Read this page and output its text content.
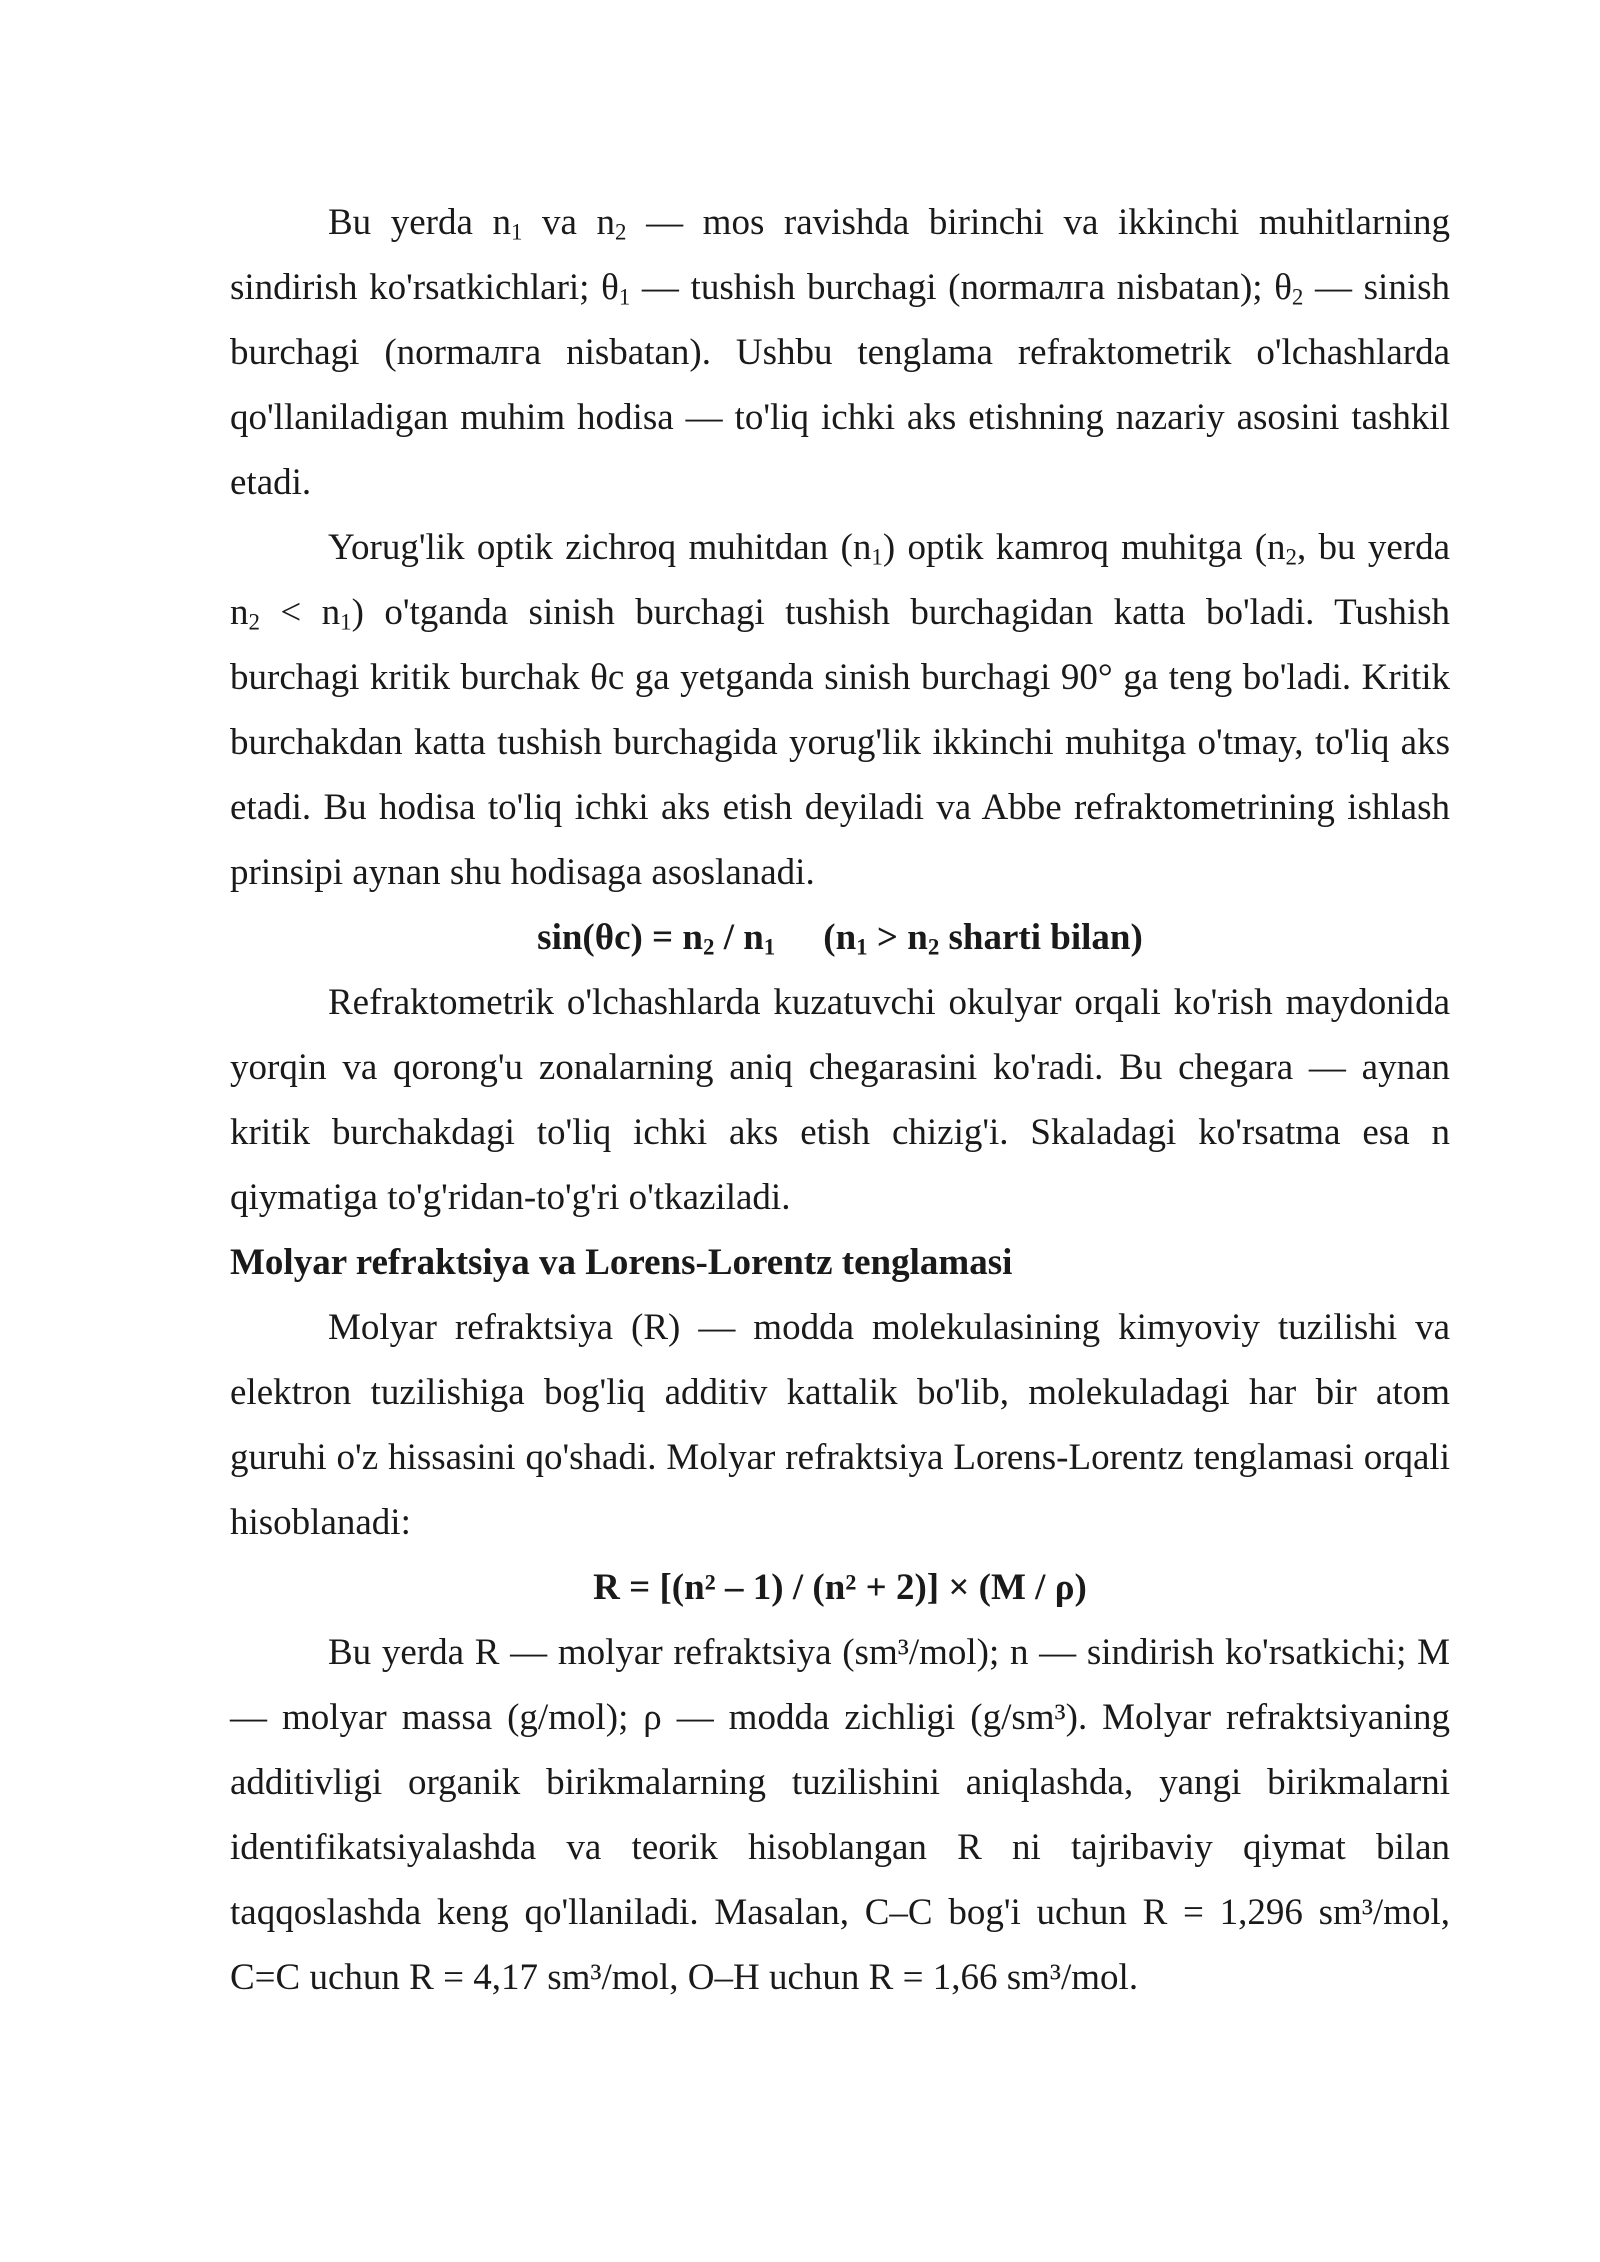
Bu yerda $n_1$ va $n_2$ — mos ravishda birinchi va ikkinchi muhitlarning sindirish ko'rsatkichlari; $\theta_1$ — tushish burchagi (normaлга nisbatan); $\theta_2$ — sinish burchagi (normaлга nisbatan). Ushbu tenglama refraktometrik o'lchashlarda qo'llaniladigan muhim hodisa — to'liq ichki aks etishning nazariy asosini tashkil etadi.

Yorug'lik optik zichroq muhitdan $(n_1)$ optik kamroq muhitga ($n_2$, bu yerda $n_2 < n_1$) o'tganda sinish burchagi tushish burchagidan katta bo'ladi. Tushish burchagi kritik burchak θc ga yetganda sinish burchagi 90° ga teng bo'ladi. Kritik burchakdan katta tushish burchagida yorug'lik ikkinchi muhitga o'tmay, to'liq aks etadi. Bu hodisa to'liq ichki aks etish deyiladi va Abbe refraktometrining ishlash prinsipi aynan shu hodisaga asoslanadi.

$\sin(\theta c) = n_2 / n_1$ ($n_1 > n_2$ sharti bilan)

Refraktometrik o'lchashlarda kuzatuvchi okulyar orqali ko'rish maydonida yorqin va qorong'u zonalarning aniq chegarasini ko'radi. Bu chegara — aynan kritik burchakdagi to'liq ichki aks etish chizig'i. Skaladagi ko'rsatma esa n qiymatiga to'g'ridan-to'g'ri o'tkaziladi.

Molyar refraktsiya va Lorens-Lorentz tenglamasi

Molyar refraktsiya (R) — modda molekulasining kimyoviy tuzilishi va elektron tuzilishiga bog'liq additiv kattalik bo'lib, molekuladagi har bir atom guruhi o'z hissasini qo'shadi. Molyar refraktsiya Lorens-Lorentz tenglamasi orqali hisoblanadi:

R = [(n² – 1) / (n² + 2)] × (M / ρ)

Bu yerda R — molyar refraktsiya (sm³/mol); n — sindirish ko'rsatkichi; M — molyar massa (g/mol); ρ — modda zichligi (g/sm³). Molyar refraktsiyaning additivligi organik birikmalarning tuzilishini aniqlashda, yangi birikmalarni identifikatsiyalashda va teorik hisoblangan R ni tajribaviy qiymat bilan taqqoslashda keng qo'llaniladi. Masalan, C–C bog'i uchun R = 1,296 sm³/mol, C=C uchun R = 4,17 sm³/mol, O–H uchun R = 1,66 sm³/mol.
